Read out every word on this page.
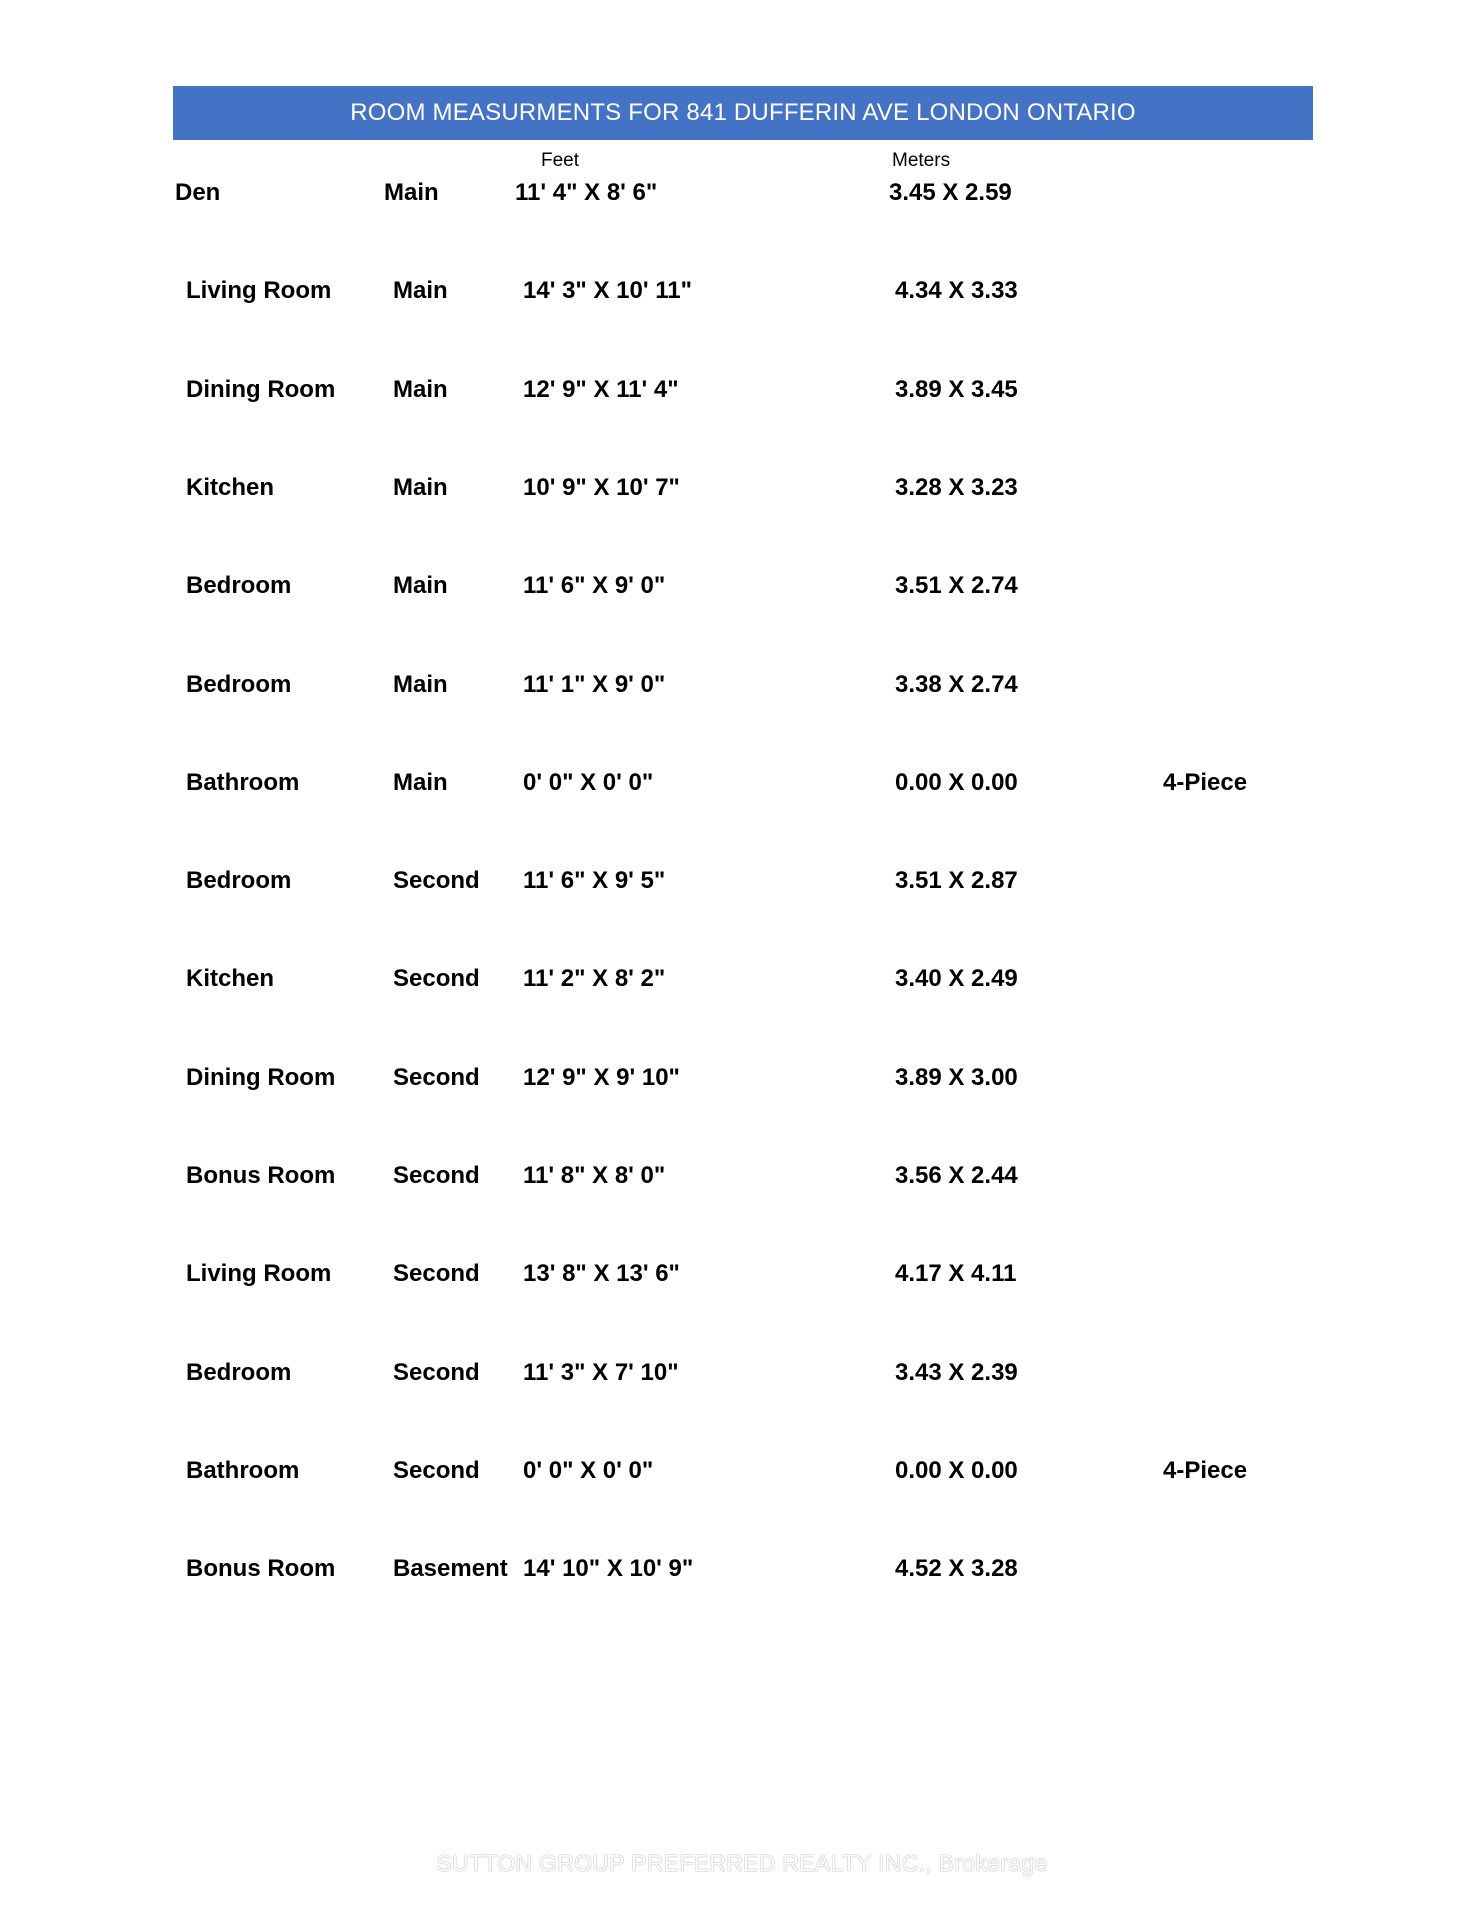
ROOM MEASURMENTS FOR 841 DUFFERIN AVE LONDON ONTARIO
Feet	Meters
Den	Main	11' 4" X 8' 6"	3.45 X 2.59
Living Room	Main	14' 3" X 10' 11"	4.34 X 3.33
Dining Room Main	12' 9" X 11' 4"	3.89 X 3.45
Kitchen	Main	10' 9" X 10' 7"	3.28 X 3.23
Bedroom	Main	11' 6" X 9' 0"	3.51 X 2.74
Bedroom	Main	11' 1" X 9' 0"	3.38 X 2.74
Bathroom	Main	0' 0" X 0' 0"	0.00 X 0.00	4-Piece
Bedroom	Second 11' 6" X 9' 5"	3.51 X 2.87
Kitchen	Second 11' 2" X 8' 2"	3.40 X 2.49
Dining Room Second 12' 9" X 9' 10"	3.89 X 3.00
Bonus Room Second 11' 8" X 8' 0"	3.56 X 2.44
Living Room	Second 13' 8" X 13' 6"	4.17 X 4.11
Bedroom	Second 11' 3" X 7' 10"	3.43 X 2.39
Bathroom	Second 0' 0" X 0' 0"	0.00 X 0.00	4-Piece
Bonus Room Basement 14' 10" X 10' 9"	4.52 X 3.28
SUTTON GROUP PREFERRED REALTY INC., Brokerage
